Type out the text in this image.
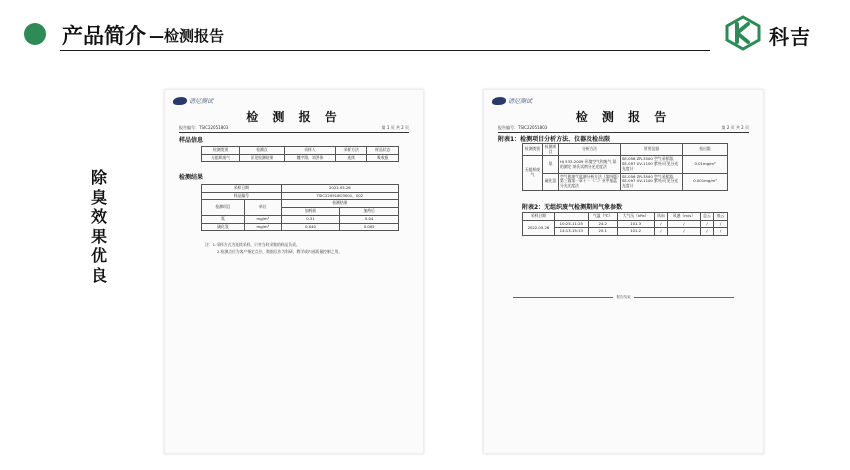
产品简介 —检测报告	科吉
除臭效果优良
谱尼测试
检 测 报 告
报告编号：TSIC22051803	第 1 页 共 2 页
样品信息
检测类别	检测点	采样人	采样方法	样品状态
无组织废气	详见检测结果	魏宇翔、刘洪伟	连续	吸收瓶
检测结果
采样日期		2022.05.26	
样品编号		TSIC220518O3001、002	
检测项目	单位	检测结果	
		加药前	加药后
氨	mg/m³	0.31	0.04
硫化氢	mg/m³	0.040	0.005
注：1.采样方式为连续采样，只对当时采集的样品负责。
2.检测点位为客户指定点位，数据仅作为科研、教学或内部质量控制之用。
谱尼测试
检 测 报 告
报告编号：TSIC22051803	第 2 页 共 2 页
附表1：检测项目分析方法、仪器及检出限
检测类别	检测项目	分析方法	所用仪器	检出限
无组织废气	氨	HJ 533-2009 环境空气和废气 氨的测定 纳氏试剂分光光度法	SE-056 ZR-3500 空气采样器、SE-097 UV-1100 紫外/可见分光光度计	0.01mg/m³
	硫化氢	空气和废气监测分析方法（第四版）第三篇第一章十一（二）亚甲基蓝分光光度法	SE-056 ZR-3500 空气采样器、SE-097 UV-1100 紫外/可见分光光度计	0.001mg/m³
附表2：无组织废气检测期间气象参数
采样日期		气温（℃）	大气压（kPa）	风向	风速（m/s）	总云	低云
2022.05.26	10:25-11:25	24.2	101.3	/	/	/	/
	14:13-15:13	25.1	101.2	/	/	/	/
报告结束
